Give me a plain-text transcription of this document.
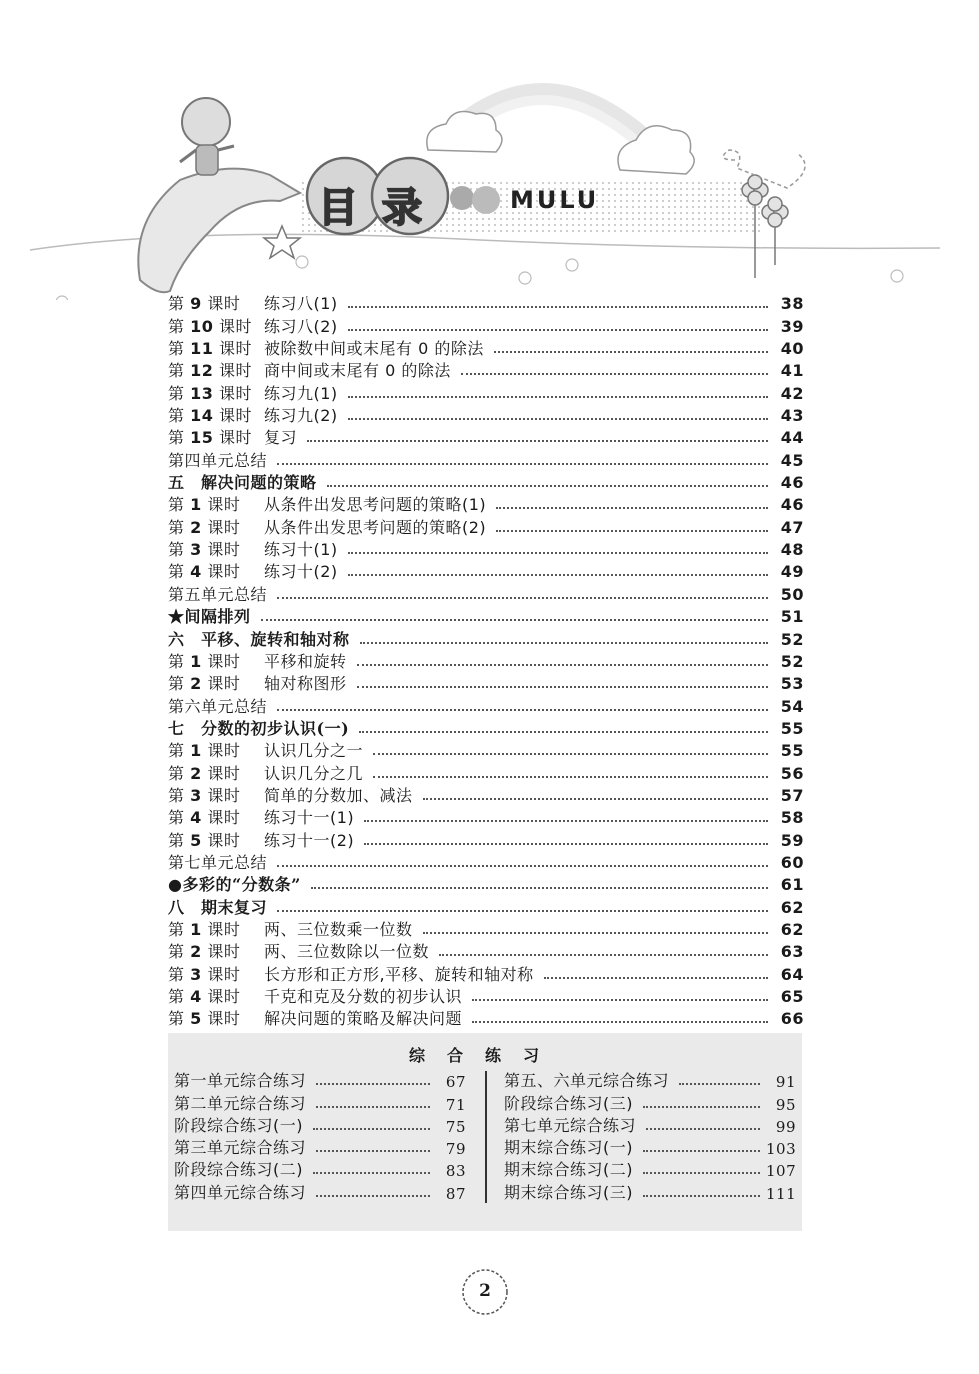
目录	MULU
第 9 课时 练习八(1)	38
第 10 课时 练习八(2)	39
第 11 课时 被除数中间或末尾有 0 的除法	40
第 12 课时 商中间或末尾有 0 的除法	41
第 13 课时 练习九(1)	42
第 14 课时 练习九(2)	43
第 15 课时 复习	44
第四单元总结	45
五　解决问题的策略	46
第 1 课时 从条件出发思考问题的策略(1)	46
第 2 课时 从条件出发思考问题的策略(2)	47
第 3 课时 练习十(1)	48
第 4 课时 练习十(2)	49
第五单元总结	50
★间隔排列	51
六　平移、旋转和轴对称	52
第 1 课时 平移和旋转	52
第 2 课时 轴对称图形	53
第六单元总结	54
七　分数的初步认识(一)	55
第 1 课时 认识几分之一	55
第 2 课时 认识几分之几	56
第 3 课时 简单的分数加、减法	57
第 4 课时 练习十一(1)	58
第 5 课时 练习十一(2)	59
第七单元总结	60
●多彩的“分数条”	61
八　期末复习	62
第 1 课时 两、三位数乘一位数	62
第 2 课时 两、三位数除以一位数	63
第 3 课时 长方形和正方形,平移、旋转和轴对称	64
第 4 课时 千克和克及分数的初步认识	65
第 5 课时 解决问题的策略及解决问题	66
综合练习
第一单元综合练习	67
第二单元综合练习	71
阶段综合练习(一)	75
第三单元综合练习	79
阶段综合练习(二)	83
第四单元综合练习	87
第五、六单元综合练习	91
阶段综合练习(三)	95
第七单元综合练习	99
期末综合练习(一)	103
期末综合练习(二)	107
期末综合练习(三)	111
2
